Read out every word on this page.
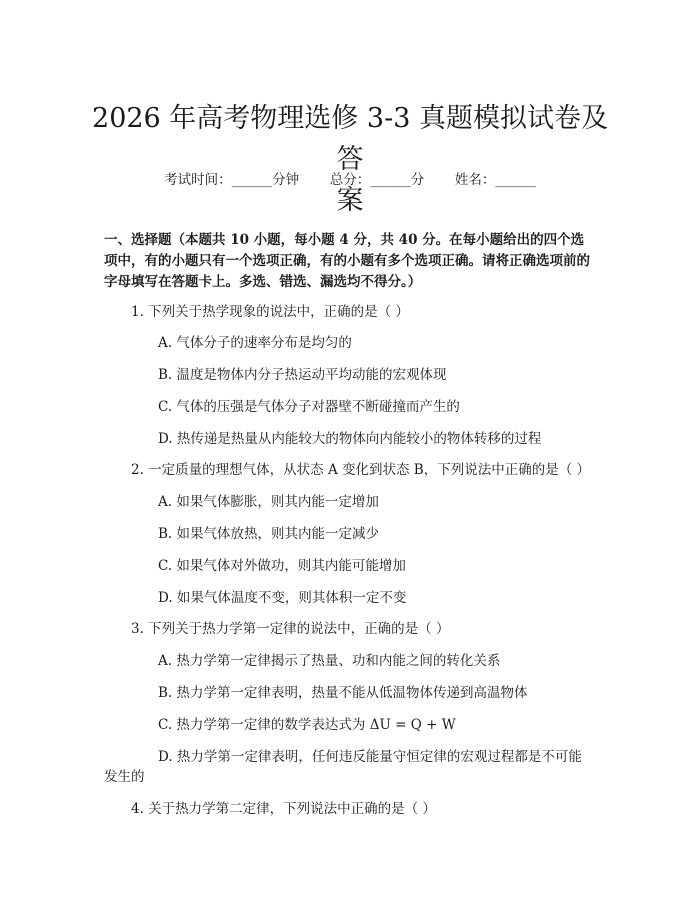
2026 年高考物理选修 3-3 真题模拟试卷及答
案
考试时间：______分钟 总分：______分 姓名：______

一、选择题（本题共 10 小题，每小题 4 分，共 40 分。在每小题给出的四个选项中，有的小题只有一个选项正确，有的小题有多个选项正确。请将正确选项前的字母填写在答题卡上。多选、错选、漏选均不得分。）

1. 下列关于热学现象的说法中，正确的是（ ）

A. 气体分子的速率分布是均匀的

B. 温度是物体内分子热运动平均动能的宏观体现

C. 气体的压强是气体分子对器壁不断碰撞而产生的

D. 热传递是热量从内能较大的物体向内能较小的物体转移的过程

2. 一定质量的理想气体，从状态 A 变化到状态 B，下列说法中正确的是（ ）

A. 如果气体膨胀，则其内能一定增加

B. 如果气体放热，则其内能一定减少

C. 如果气体对外做功，则其内能可能增加

D. 如果气体温度不变，则其体积一定不变

3. 下列关于热力学第一定律的说法中，正确的是（ ）

A. 热力学第一定律揭示了热量、功和内能之间的转化关系

B. 热力学第一定律表明，热量不能从低温物体传递到高温物体

C. 热力学第一定律的数学表达式为 ΔU = Q + W

D. 热力学第一定律表明，任何违反能量守恒定律的宏观过程都是不可能

发生的

4. 关于热力学第二定律，下列说法中正确的是（ ）
